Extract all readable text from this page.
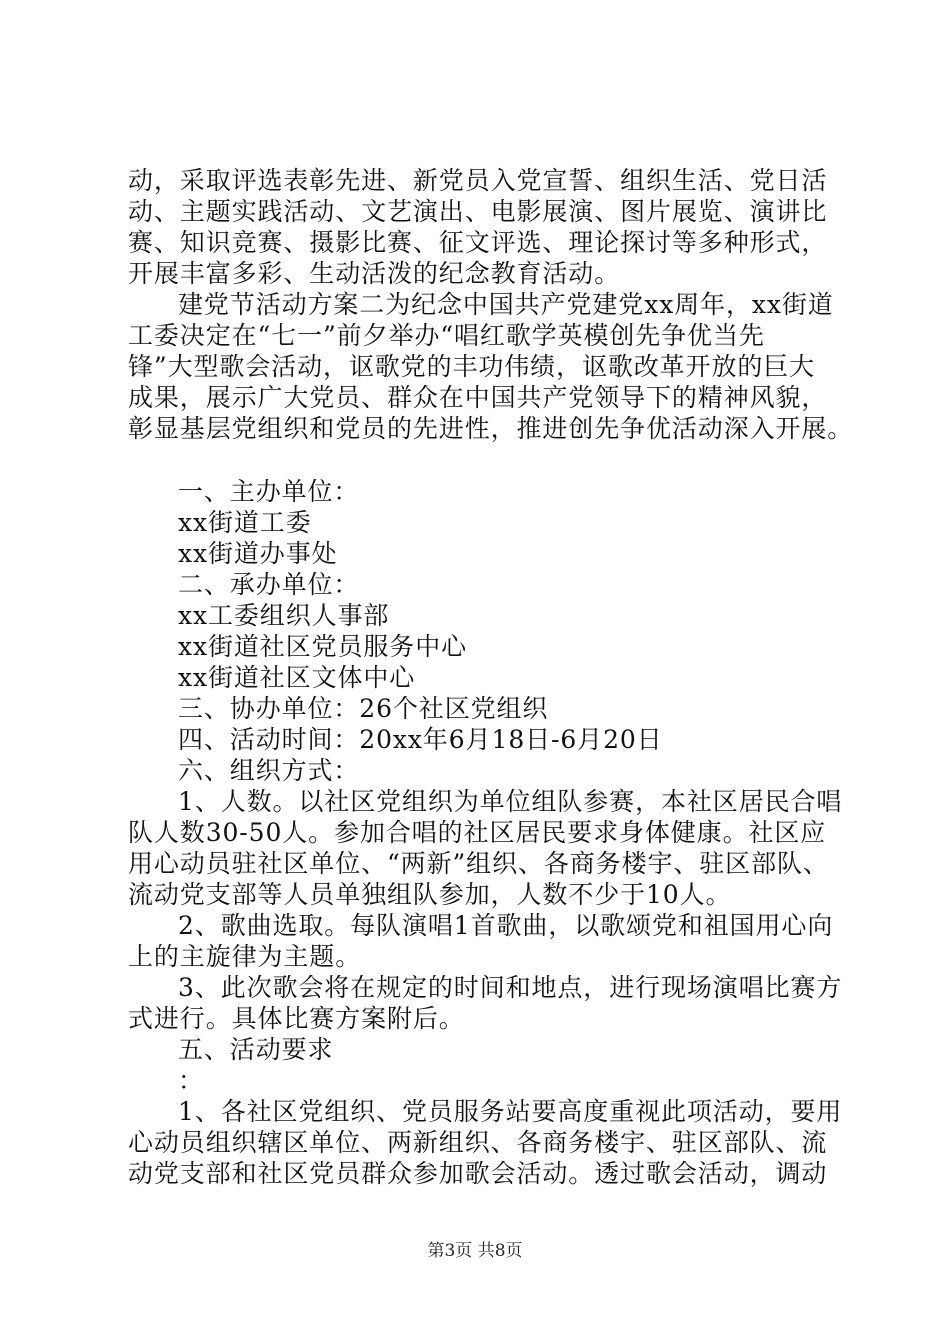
动，采取评选表彰先进、新党员入党宣誓、组织生活、党日活
动、主题实践活动、文艺演出、电影展演、图片展览、演讲比
赛、知识竞赛、摄影比赛、征文评选、理论探讨等多种形式，
开展丰富多彩、生动活泼的纪念教育活动。
建党节活动方案二为纪念中国共产党建党xx周年，xx街道
工委决定在“七一”前夕举办“唱红歌学英模创先争优当先
锋”大型歌会活动，讴歌党的丰功伟绩，讴歌改革开放的巨大
成果，展示广大党员、群众在中国共产党领导下的精神风貌，
彰显基层党组织和党员的先进性，推进创先争优活动深入开展。
一、主办单位：
xx街道工委
xx街道办事处
二、承办单位：
xx工委组织人事部
xx街道社区党员服务中心
xx街道社区文体中心
三、协办单位：26个社区党组织
四、活动时间：20xx年6月18日-6月20日
六、组织方式：
1、人数。以社区党组织为单位组队参赛，本社区居民合唱
队人数30-50人。参加合唱的社区居民要求身体健康。社区应
用心动员驻社区单位、“两新”组织、各商务楼宇、驻区部队、
流动党支部等人员单独组队参加，人数不少于10人。
2、歌曲选取。每队演唱1首歌曲，以歌颂党和祖国用心向
上的主旋律为主题。
3、此次歌会将在规定的时间和地点，进行现场演唱比赛方
式进行。具体比赛方案附后。
五、活动要求
：
1、各社区党组织、党员服务站要高度重视此项活动，要用
心动员组织辖区单位、两新组织、各商务楼宇、驻区部队、流
动党支部和社区党员群众参加歌会活动。透过歌会活动，调动
第3页 共8页
